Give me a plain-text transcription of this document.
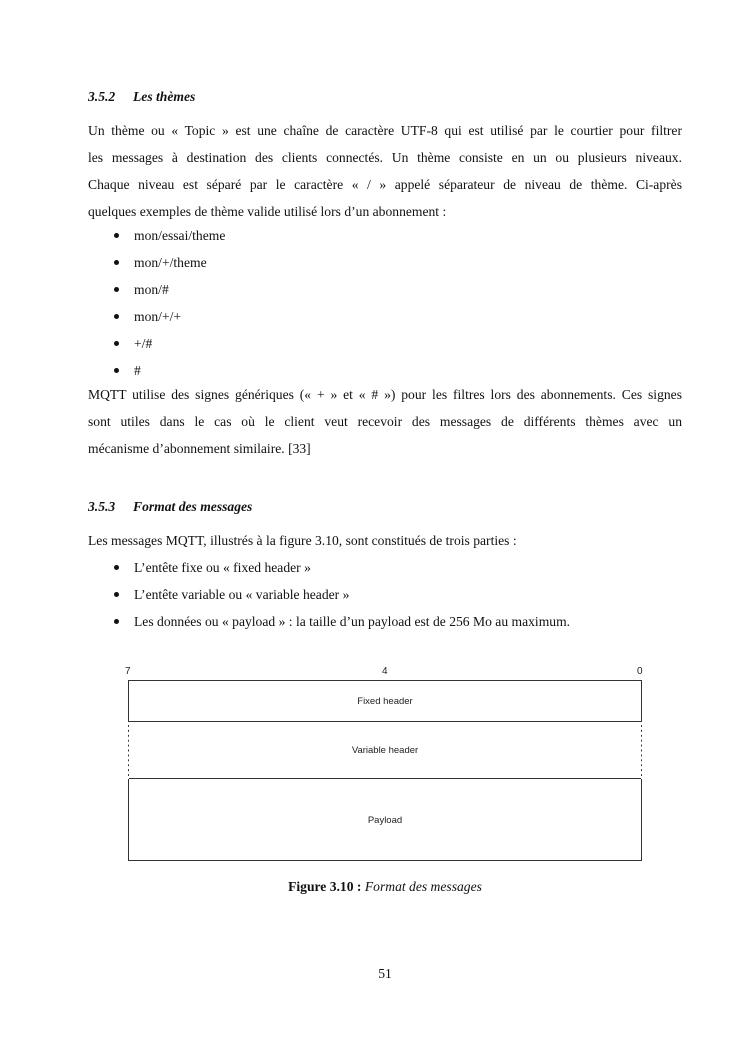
3.5.2 Les thèmes
Un thème ou « Topic » est une chaîne de caractère UTF-8 qui est utilisé par le courtier pour filtrer
les messages à destination des clients connectés. Un thème consiste en un ou plusieurs niveaux.
Chaque niveau est séparé par le caractère « / » appelé séparateur de niveau de thème. Ci-après
quelques exemples de thème valide utilisé lors d’un abonnement :
mon/essai/theme
mon/+/theme
mon/#
mon/+/+
+/#
#
MQTT utilise des signes génériques (« + » et « # ») pour les filtres lors des abonnements. Ces signes
sont utiles dans le cas où le client veut recevoir des messages de différents thèmes avec un
mécanisme d’abonnement similaire. [33]
3.5.3 Format des messages
Les messages MQTT, illustrés à la figure 3.10, sont constitués de trois parties :
L’entête fixe ou « fixed header »
L’entête variable ou « variable header »
Les données ou « payload » : la taille d’un payload est de 256 Mo au maximum.
7	4	0
Fixed header
Variable header
Payload
Figure 3.10 : Format des messages
51
